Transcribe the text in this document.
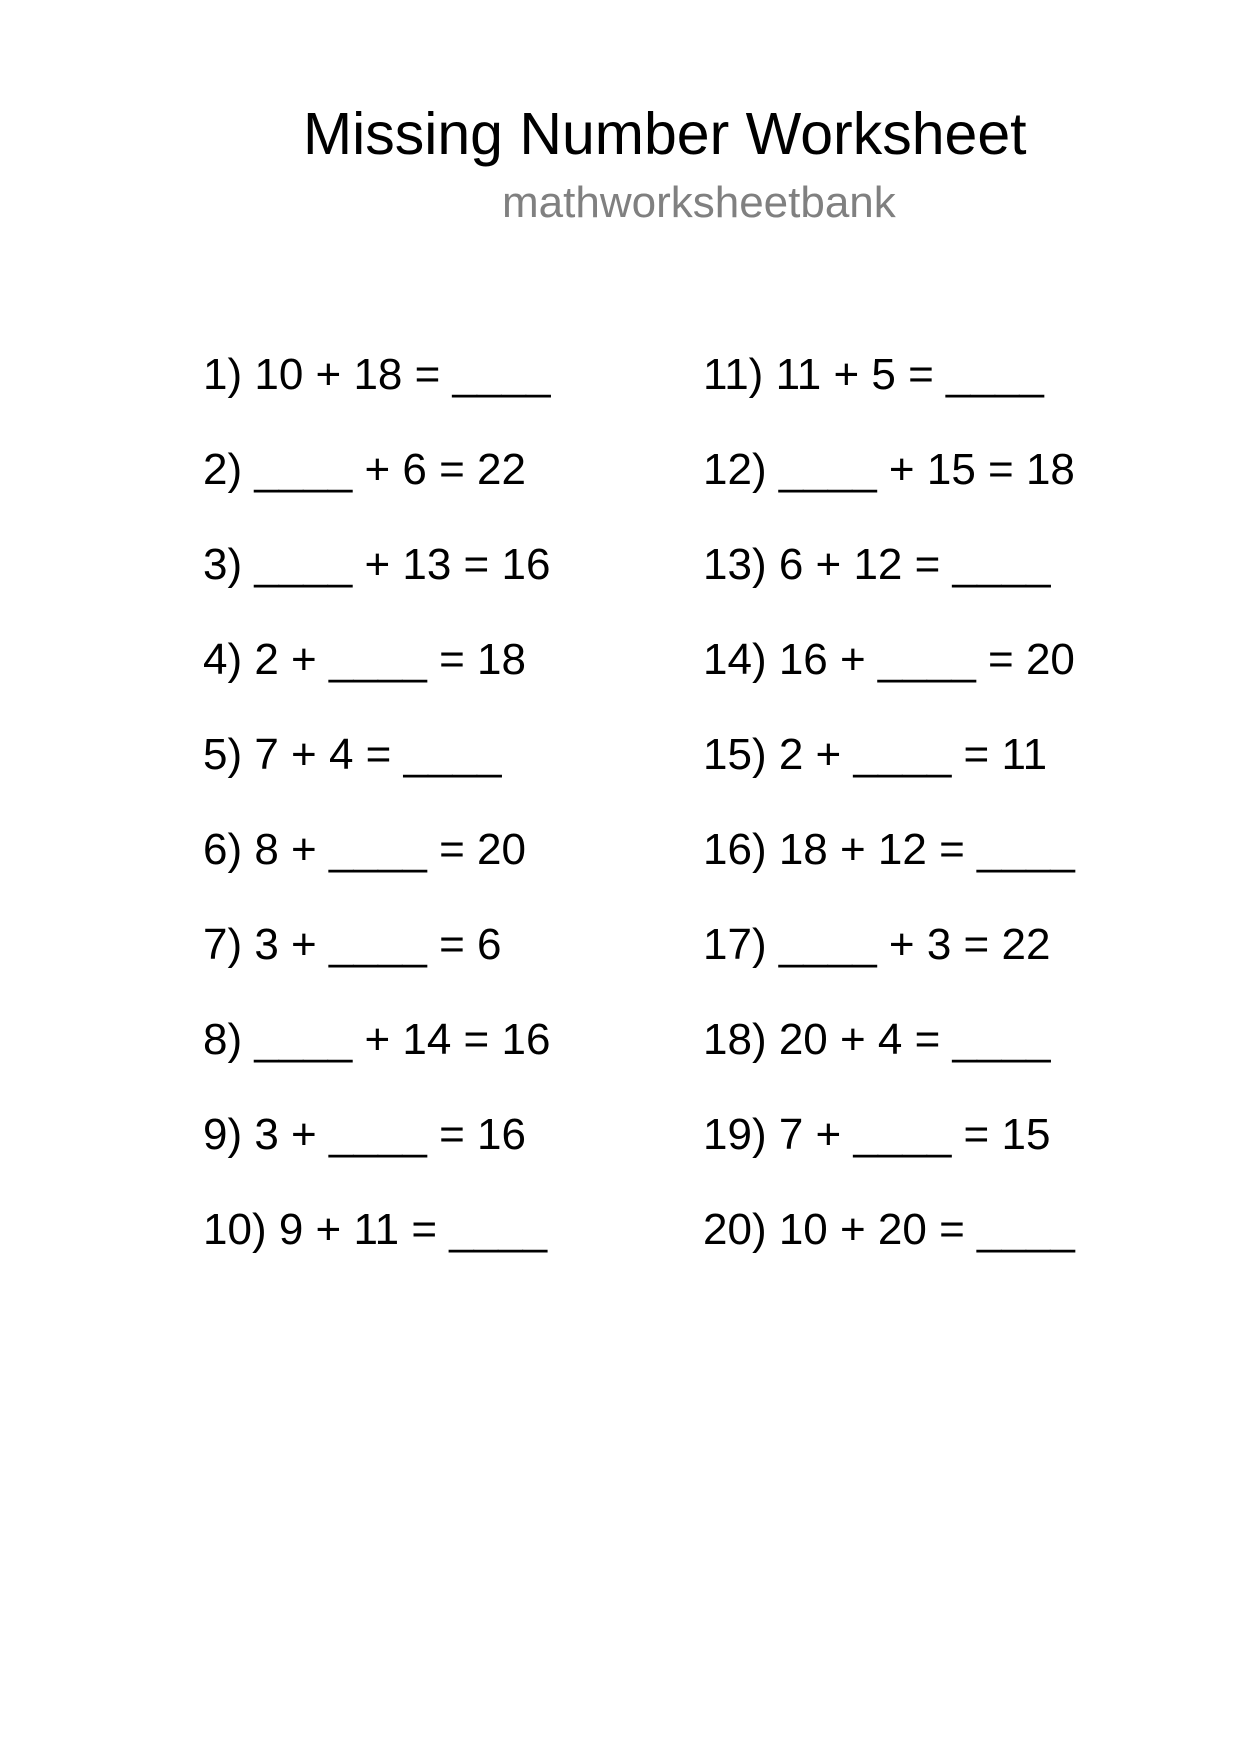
Missing Number Worksheet
mathworksheetbank
1) 10 + 18 = ____
2) ____ + 6 = 22
3) ____ + 13 = 16
4) 2 + ____ = 18
5) 7 + 4 = ____
6) 8 + ____ = 20
7) 3 + ____ = 6
8) ____ + 14 = 16
9) 3 + ____ = 16
10) 9 + 11 = ____
11) 11 + 5 = ____
12) ____ + 15 = 18
13) 6 + 12 = ____
14) 16 + ____ = 20
15) 2 + ____ = 11
16) 18 + 12 = ____
17) ____ + 3 = 22
18) 20 + 4 = ____
19) 7 + ____ = 15
20) 10 + 20 = ____
